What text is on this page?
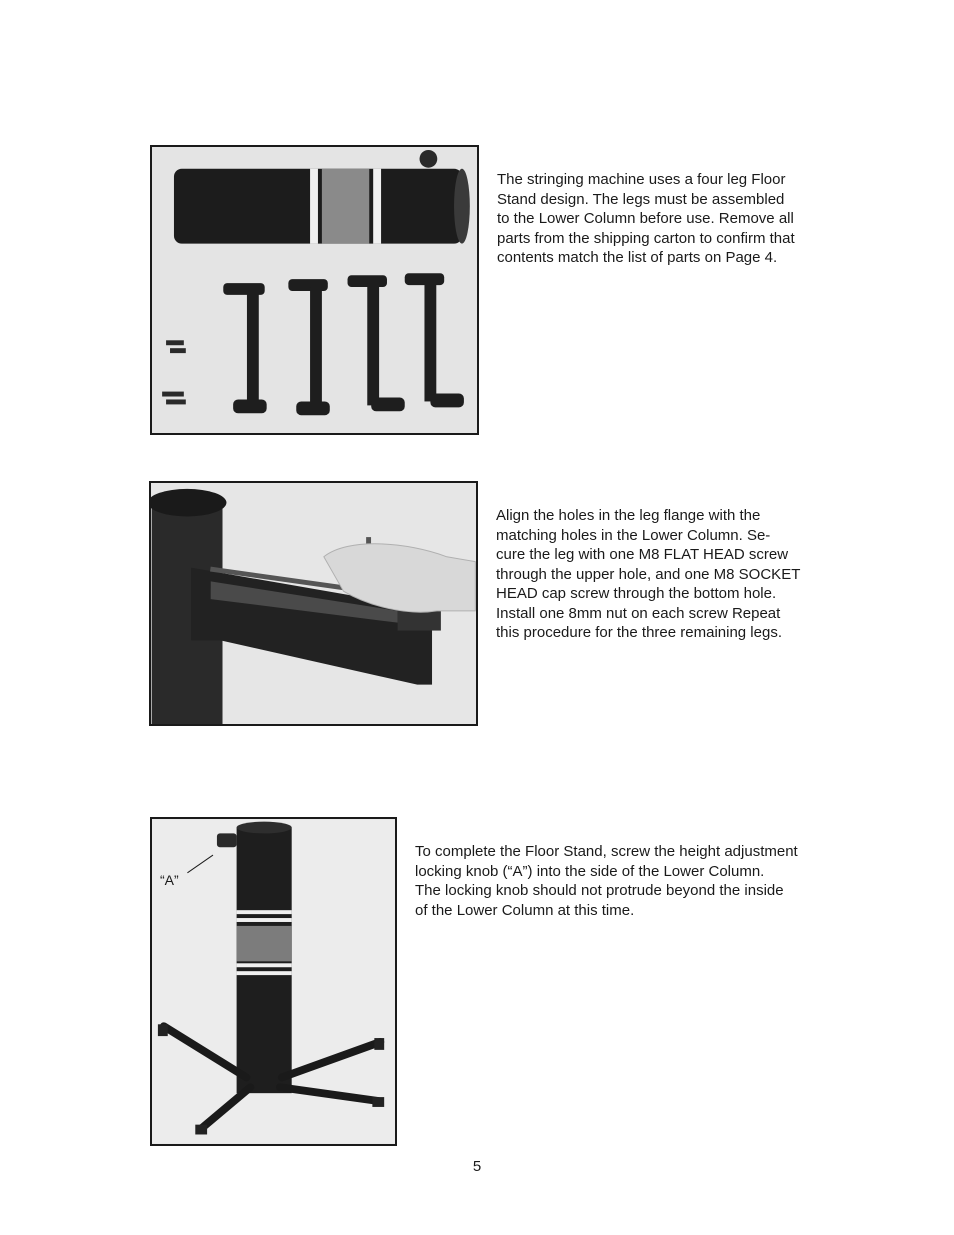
The stringing machine uses a four leg Floor
Stand design. The legs must be assembled
to the Lower Column before use. Remove all
parts from the shipping carton to confirm that
contents match the list of parts on Page 4.
Align the holes in the leg flange with the
matching holes in the Lower Column. Se-
cure the leg with one M8 FLAT HEAD screw
through the upper hole, and one M8 SOCKET
HEAD cap screw through the bottom hole.
Install one 8mm nut on each screw Repeat
this procedure for the three remaining legs.
“A”
To complete the Floor Stand, screw the height adjustment
locking knob (“A”) into the side of the Lower Column.
The locking knob should not protrude beyond the inside
of the Lower Column at this time.
5
